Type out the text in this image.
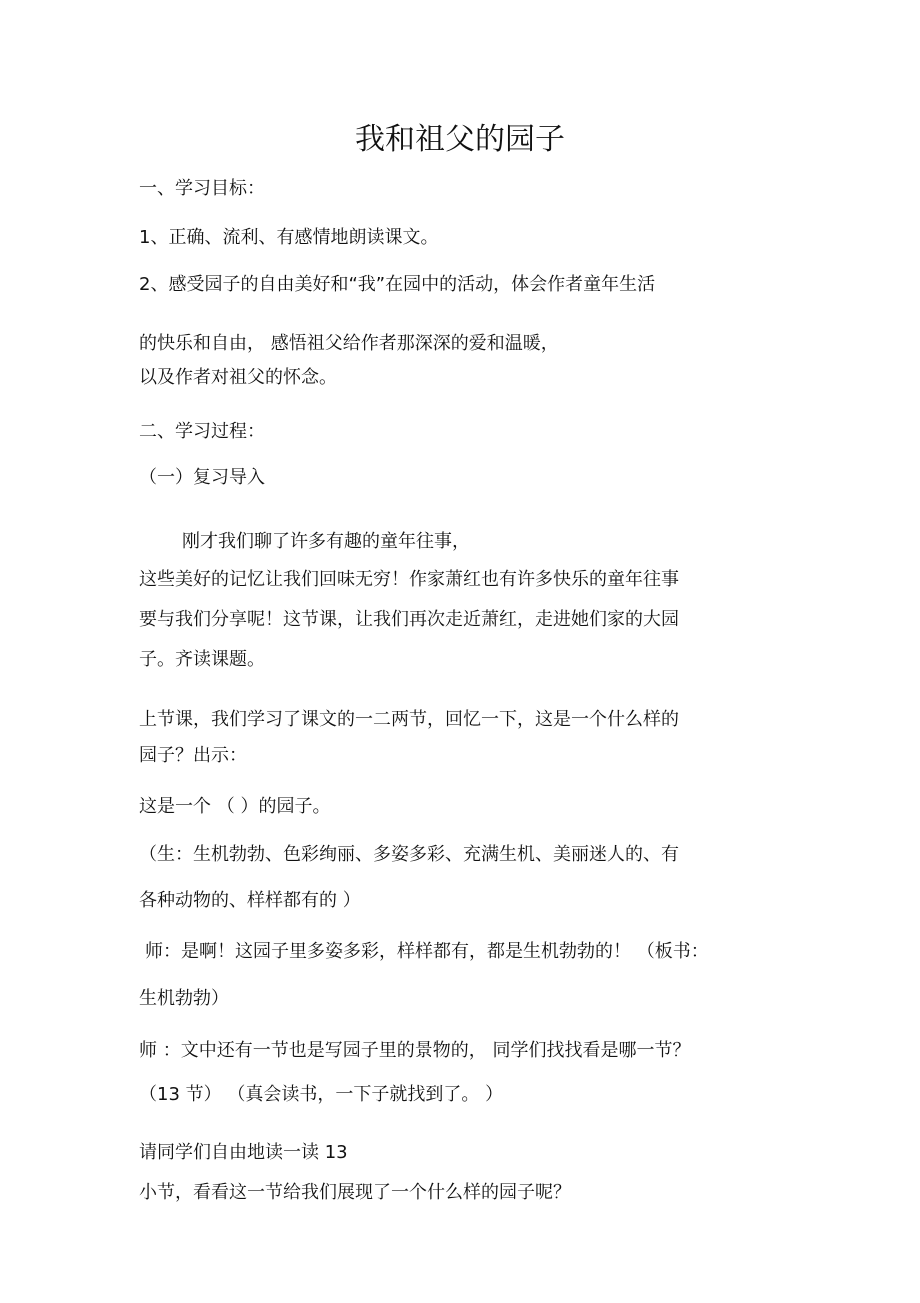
我和祖父的园子
一、学习目标：
1、正确、流利、有感情地朗读课文。
2、感受园子的自由美好和“我”在园中的活动，体会作者童年生活
的快乐和自由， 感悟祖父给作者那深深的爱和温暖，
以及作者对祖父的怀念。
二、学习过程：
（一）复习导入
刚才我们聊了许多有趣的童年往事，
这些美好的记忆让我们回味无穷！作家萧红也有许多快乐的童年往事
要与我们分享呢！这节课，让我们再次走近萧红，走进她们家的大园
子。齐读课题。
上节课，我们学习了课文的一二两节，回忆一下，这是一个什么样的
园子？出示：
这是一个 （ ）的园子。
（生：生机勃勃、色彩绚丽、多姿多彩、充满生机、美丽迷人的、有
各种动物的、样样都有的 ）
师：是啊！这园子里多姿多彩，样样都有，都是生机勃勃的！ （板书：
生机勃勃）
师 ：文中还有一节也是写园子里的景物的， 同学们找找看是哪一节？
（13 节） （真会读书，一下子就找到了。 ）
请同学们自由地读一读 13
小节，看看这一节给我们展现了一个什么样的园子呢？
